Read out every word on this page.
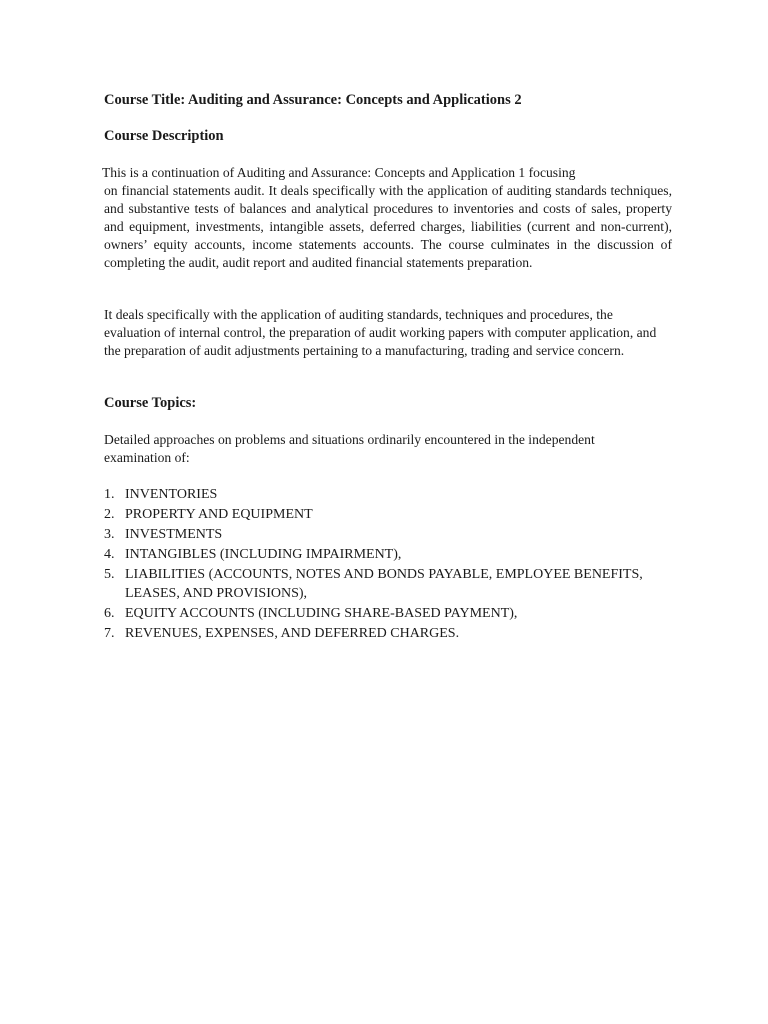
Course Title: Auditing and Assurance: Concepts and Applications 2
Course Description
This is a continuation of Auditing and Assurance: Concepts and Application 1 focusing
on financial statements audit. It deals specifically with the application of auditing standards techniques, and substantive tests of balances and analytical procedures to inventories and costs of sales, property and equipment, investments, intangible assets, deferred charges, liabilities (current and non-current), owners’ equity accounts, income statements accounts. The course culminates in the discussion of completing the audit, audit report and audited financial statements preparation.
It deals specifically with the application of auditing standards, techniques and procedures, the evaluation of internal control, the preparation of audit working papers with computer application, and the preparation of audit adjustments pertaining to a manufacturing, trading and service concern.
Course Topics:
Detailed approaches on problems and situations ordinarily encountered in the independent examination of:
1. INVENTORIES
2. PROPERTY AND EQUIPMENT
3. INVESTMENTS
4. INTANGIBLES (INCLUDING IMPAIRMENT),
5. LIABILITIES (ACCOUNTS, NOTES AND BONDS PAYABLE, EMPLOYEE BENEFITS, LEASES, AND PROVISIONS),
6. EQUITY ACCOUNTS (INCLUDING SHARE-BASED PAYMENT),
7. REVENUES, EXPENSES, AND DEFERRED CHARGES.
